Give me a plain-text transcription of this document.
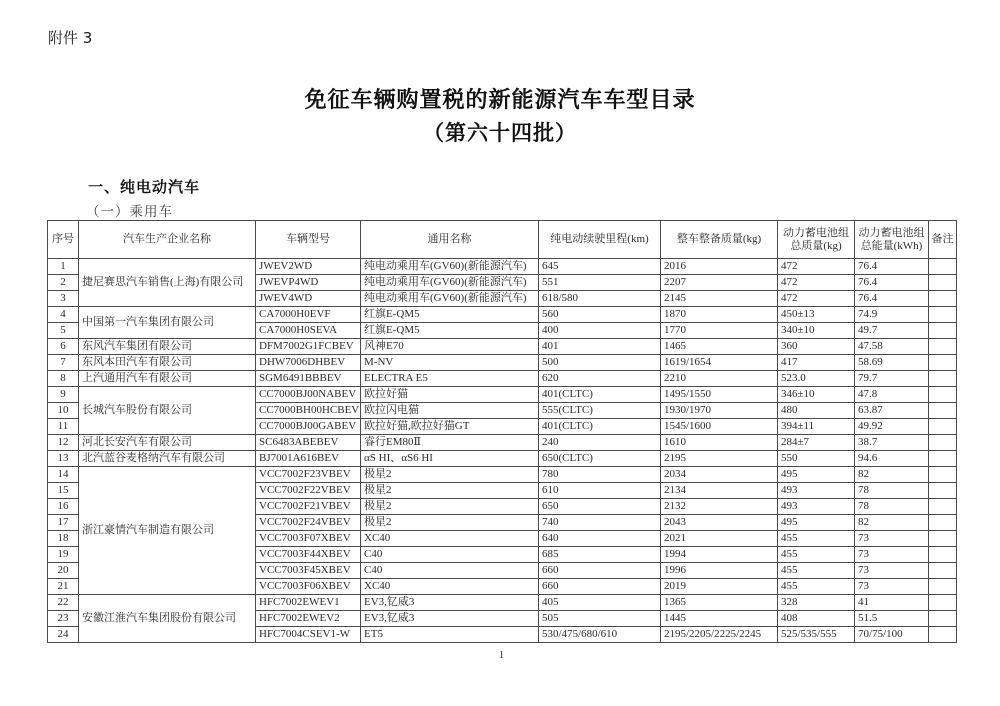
附件 3
免征车辆购置税的新能源汽车车型目录
（第六十四批）
一、纯电动汽车
（一）乘用车
序号	汽车生产企业名称	车辆型号	通用名称	纯电动续驶里程(km)	整车整备质量(kg)	动力蓄电池组 总质量(kg)	动力蓄电池组 总能量(kWh)	备注
1	捷尼赛思汽车销售(上海)有限公司	JWEV2WD	纯电动乘用车(GV60)(新能源汽车)	645	2016	472	76.4	
2		JWEVP4WD	纯电动乘用车(GV60)(新能源汽车)	551	2207	472	76.4	
3		JWEV4WD	纯电动乘用车(GV60)(新能源汽车)	618/580	2145	472	76.4	
4	中国第一汽车集团有限公司	CA7000H0EVF	红旗E-QM5	560	1870	450±13	74.9	
5		CA7000H0SEVA	红旗E-QM5	400	1770	340±10	49.7	
6	东风汽车集团有限公司	DFM7002G1FCBEV	风神E70	401	1465	360	47.58	
7	东风本田汽车有限公司	DHW7006DHBEV	M-NV	500	1619/1654	417	58.69	
8	上汽通用汽车有限公司	SGM6491BBBEV	ELECTRA E5	620	2210	523.0	79.7	
9	长城汽车股份有限公司	CC7000BJ00NABEV	欧拉好猫	401(CLTC)	1495/1550	346±10	47.8	
10		CC7000BH00HCBEV	欧拉闪电猫	555(CLTC)	1930/1970	480	63.87	
11		CC7000BJ00GABEV	欧拉好猫,欧拉好猫GT	401(CLTC)	1545/1600	394±11	49.92	
12	河北长安汽车有限公司	SC6483ABEBEV	睿行EM80Ⅱ	240	1610	284±7	38.7	
13	北汽蓝谷麦格纳汽车有限公司	BJ7001A616BEV	αS HI、αS6 HI	650(CLTC)	2195	550	94.6	
14	浙江豪情汽车制造有限公司	VCC7002F23VBEV	极星2	780	2034	495	82	
15		VCC7002F22VBEV	极星2	610	2134	493	78	
16		VCC7002F21VBEV	极星2	650	2132	493	78	
17		VCC7002F24VBEV	极星2	740	2043	495	82	
18		VCC7003F07XBEV	XC40	640	2021	455	73	
19		VCC7003F44XBEV	C40	685	1994	455	73	
20		VCC7003F45XBEV	C40	660	1996	455	73	
21		VCC7003F06XBEV	XC40	660	2019	455	73	
22	安徽江淮汽车集团股份有限公司	HFC7002EWEV1	EV3,钇威3	405	1365	328	41	
23		HFC7002EWEV2	EV3,钇威3	505	1445	408	51.5	
24		HFC7004CSEV1-W	ET5	530/475/680/610	2195/2205/2225/2245	525/535/555	70/75/100	
1
